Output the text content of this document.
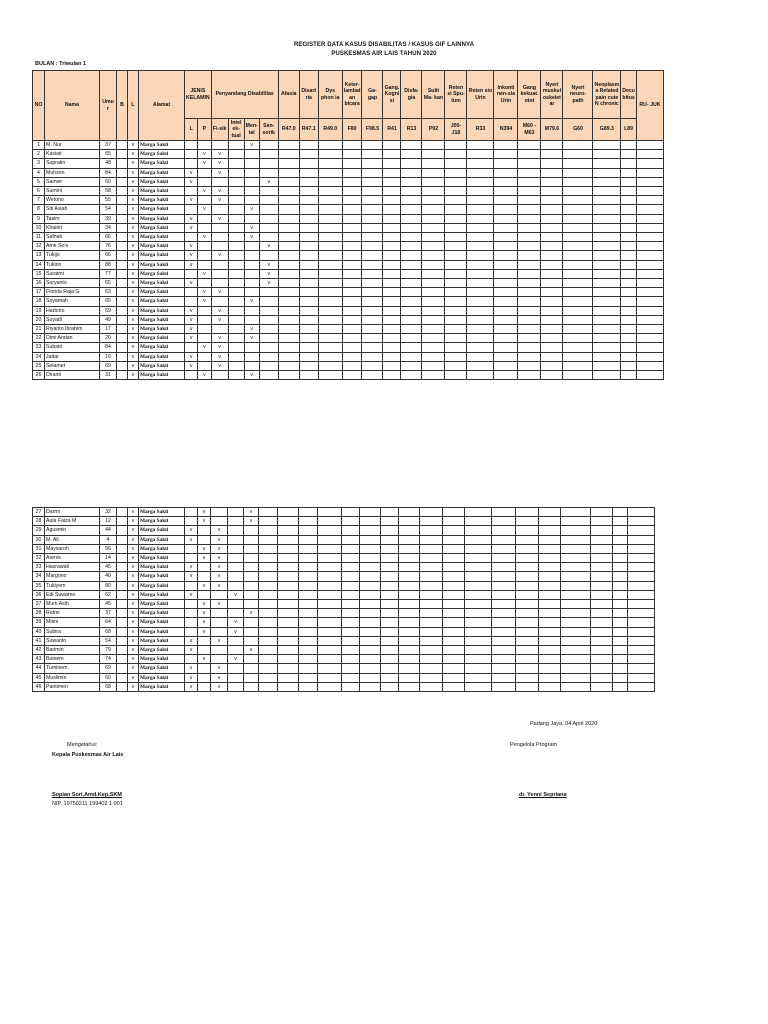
REGISTER DATA KASUS DISABILITAS / KASUS GIF LAINNYA
PUSKESMAS AIR LAIS TAHUN 2020
BULAN : Triwulan 1
NO	Nama	Umu r	B	L	Alamat	JENIS KELAMIN		Penyandang Disabilitas				Afasia	Disart ria	Dys phon ia	Keter- lambat an bicara	Ga- gap	Gang. Kogni si	Disfa- gia	Sulit Ma- kan	Reten si Spu- tum	Reten sio Urin	Inkonti nen-sia Urin	Gang kekuat. otot	Nyeri muskul oskelet ar	Nyeri neuro- path	Neoplasm a Related pain cute N chronic	Decu bitus	RU- JUK
						L	P	Fi-sik	Intel ek- tual	Men- tal	Sen- sorik	R47.0	R47.1	R49.0	F80	F98.5	R41	R13	P92	J00-J18	R33	N394	M60 - M63	M79.6	G60	G89.3	L89	
1	M. Nur	37		v	Marga Sakti					v																		
2	Kasiati	65		v	Marga Sakti		v	v																				
3	Supratin	48		v	Marga Sakti		v	v																				
4	Muhson	84		v	Marga Sakti	v		v																				
5	Samsir	60		v	Marga Sakti	v					v																	
6	Sumini	58		v	Marga Sakti		v	v																				
7	Wetono	55		v	Marga Sakti	v		v																				
8	Siti Asiah	54		v	Marga Sakti		v			v																		
9	Tasim	39		v	Marga Sakti	v		v																				
10	Khairiri	34		v	Marga Sakti	v				v																		
11	Safnah	66		v	Marga Sakti		v			v																		
12	Amir So'e	76		v	Marga Sakti	v					v																	
13	Tukijo	66		v	Marga Sakti	v		v																				
14	Tukirin	88		v	Marga Sakti	v					v																	
15	Suratmi	77		v	Marga Sakti		v				v																	
16	Suryanto	65		v	Marga Sakti	v					v																	
17	Florida Raja G	63		v	Marga Sakti		v	v																				
18	Sriyamah	65		v	Marga Sakti		v			v																		
19	Hartono	59		v	Marga Sakti	v		v																				
20	Suyadi	49		v	Marga Sakti	v		v																				
21	Riyanto Ibrahim	17		v	Marga Sakti	v				v																		
22	Dimi Andan	20		v	Marga Sakti	v		v		v																		
23	Subatri	84		v	Marga Sakti		v	v																				
24	Jaitar	16		v	Marga Sakti	v		v																				
25	Selamet	69		v	Marga Sakti	v		v																				
26	Diranti	31		v	Marga Sakti		v			v																		
27	Darmi	32		v	Marga Sakti		v			v																		
28	Aula Faiza M	12		v	Marga Sakti		v			v																		
29	Agusmin	44		v	Marga Sakti	v		v																				
30	M. Ali	4		v	Marga Sakti	v		v																				
31	Maysaroh	56		v	Marga Sakti		v	v																				
32	Arenis	14		v	Marga Sakti		v	v																				
33	Hasrawati	45		v	Marga Sakti	v		v																				
34	Margono	40		v	Marga Sakti	v		v																				
35	Tukiyem	80		v	Marga Sakti		v	v																				
36	Edi Suwarno	62		v	Marga Sakti	v			v																			
37	Murti Asih	45		v	Marga Sakti		v	v																				
38	Ratmi	37		v	Marga Sakti		v			v																		
39	Misni	64		v	Marga Sakti		v		v																			
40	Subira	68		v	Marga Sakti		v		v																			
41	Suwanto	54		v	Marga Sakti	v		v																				
42	Barimin	79		v	Marga Sakti	v				v																		
43	Buinem	74		v	Marga Sakti		v		v																			
44	Tuminem	69		v	Marga Sakti	v		v																				
45	Muslimin	60		v	Marga Sakti	v		v																				
46	Pantimen	68		v	Marga Sakti	v		v																				
Padang Jaya, 04 April 2020
Mengetahui:
Kepala Puskesmas Air Lais
Pengelola Program
Sopian Sori,Amd.Kep,SKM
NIP. 19750211 199402 1 001
dr. Yenni Sepriana
